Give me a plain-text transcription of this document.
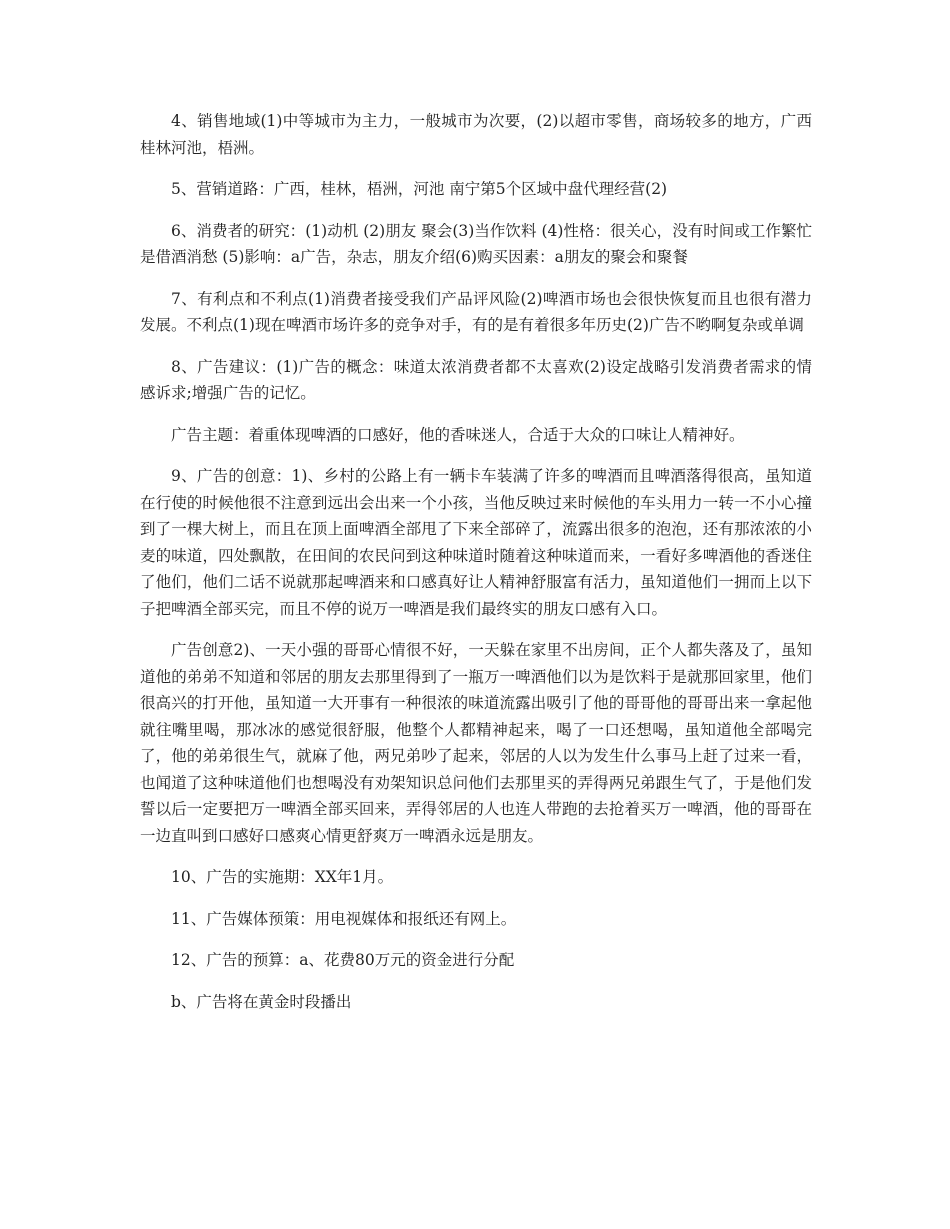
4、销售地域(1)中等城市为主力，一般城市为次要，(2)以超市零售，商场较多的地方，广西桂林河池，梧洲。

5、营销道路：广西，桂林，梧洲，河池 南宁第5个区域中盘代理经营(2)

6、消费者的研究：(1)动机 (2)朋友 聚会(3)当作饮料 (4)性格：很关心，没有时间或工作繁忙是借酒消愁 (5)影响：a广告，杂志，朋友介绍(6)购买因素：a朋友的聚会和聚餐

7、有利点和不利点(1)消费者接受我们产品评风险(2)啤酒市场也会很快恢复而且也很有潜力发展。不利点(1)现在啤酒市场许多的竞争对手，有的是有着很多年历史(2)广告不哟啊复杂或单调

8、广告建议：(1)广告的概念：味道太浓消费者都不太喜欢(2)设定战略引发消费者需求的情感诉求;增强广告的记忆。

广告主题：着重体现啤酒的口感好，他的香味迷人，合适于大众的口味让人精神好。

9、广告的创意：1)、乡村的公路上有一辆卡车装满了许多的啤酒而且啤酒落得很高，虽知道在行使的时候他很不注意到远出会出来一个小孩，当他反映过来时候他的车头用力一转一不小心撞到了一棵大树上，而且在顶上面啤酒全部甩了下来全部碎了，流露出很多的泡泡，还有那浓浓的小麦的味道，四处飘散，在田间的农民问到这种味道时随着这种味道而来，一看好多啤酒他的香迷住了他们，他们二话不说就那起啤酒来和口感真好让人精神舒服富有活力，虽知道他们一拥而上以下子把啤酒全部买完，而且不停的说万一啤酒是我们最终实的朋友口感有入口。

广告创意2)、一天小强的哥哥心情很不好，一天躲在家里不出房间，正个人都失落及了，虽知道他的弟弟不知道和邻居的朋友去那里得到了一瓶万一啤酒他们以为是饮料于是就那回家里，他们很高兴的打开他，虽知道一大开事有一种很浓的味道流露出吸引了他的哥哥他的哥哥出来一拿起他就往嘴里喝，那冰冰的感觉很舒服，他整个人都精神起来，喝了一口还想喝，虽知道他全部喝完了，他的弟弟很生气，就麻了他，两兄弟吵了起来，邻居的人以为发生什么事马上赶了过来一看，也闻道了这种味道他们也想喝没有劝架知识总问他们去那里买的弄得两兄弟跟生气了，于是他们发誓以后一定要把万一啤酒全部买回来，弄得邻居的人也连人带跑的去抢着买万一啤酒，他的哥哥在一边直叫到口感好口感爽心情更舒爽万一啤酒永远是朋友。

10、广告的实施期：XX年1月。

11、广告媒体预策：用电视媒体和报纸还有网上。

12、广告的预算：a、花费80万元的资金进行分配

b、广告将在黄金时段播出
